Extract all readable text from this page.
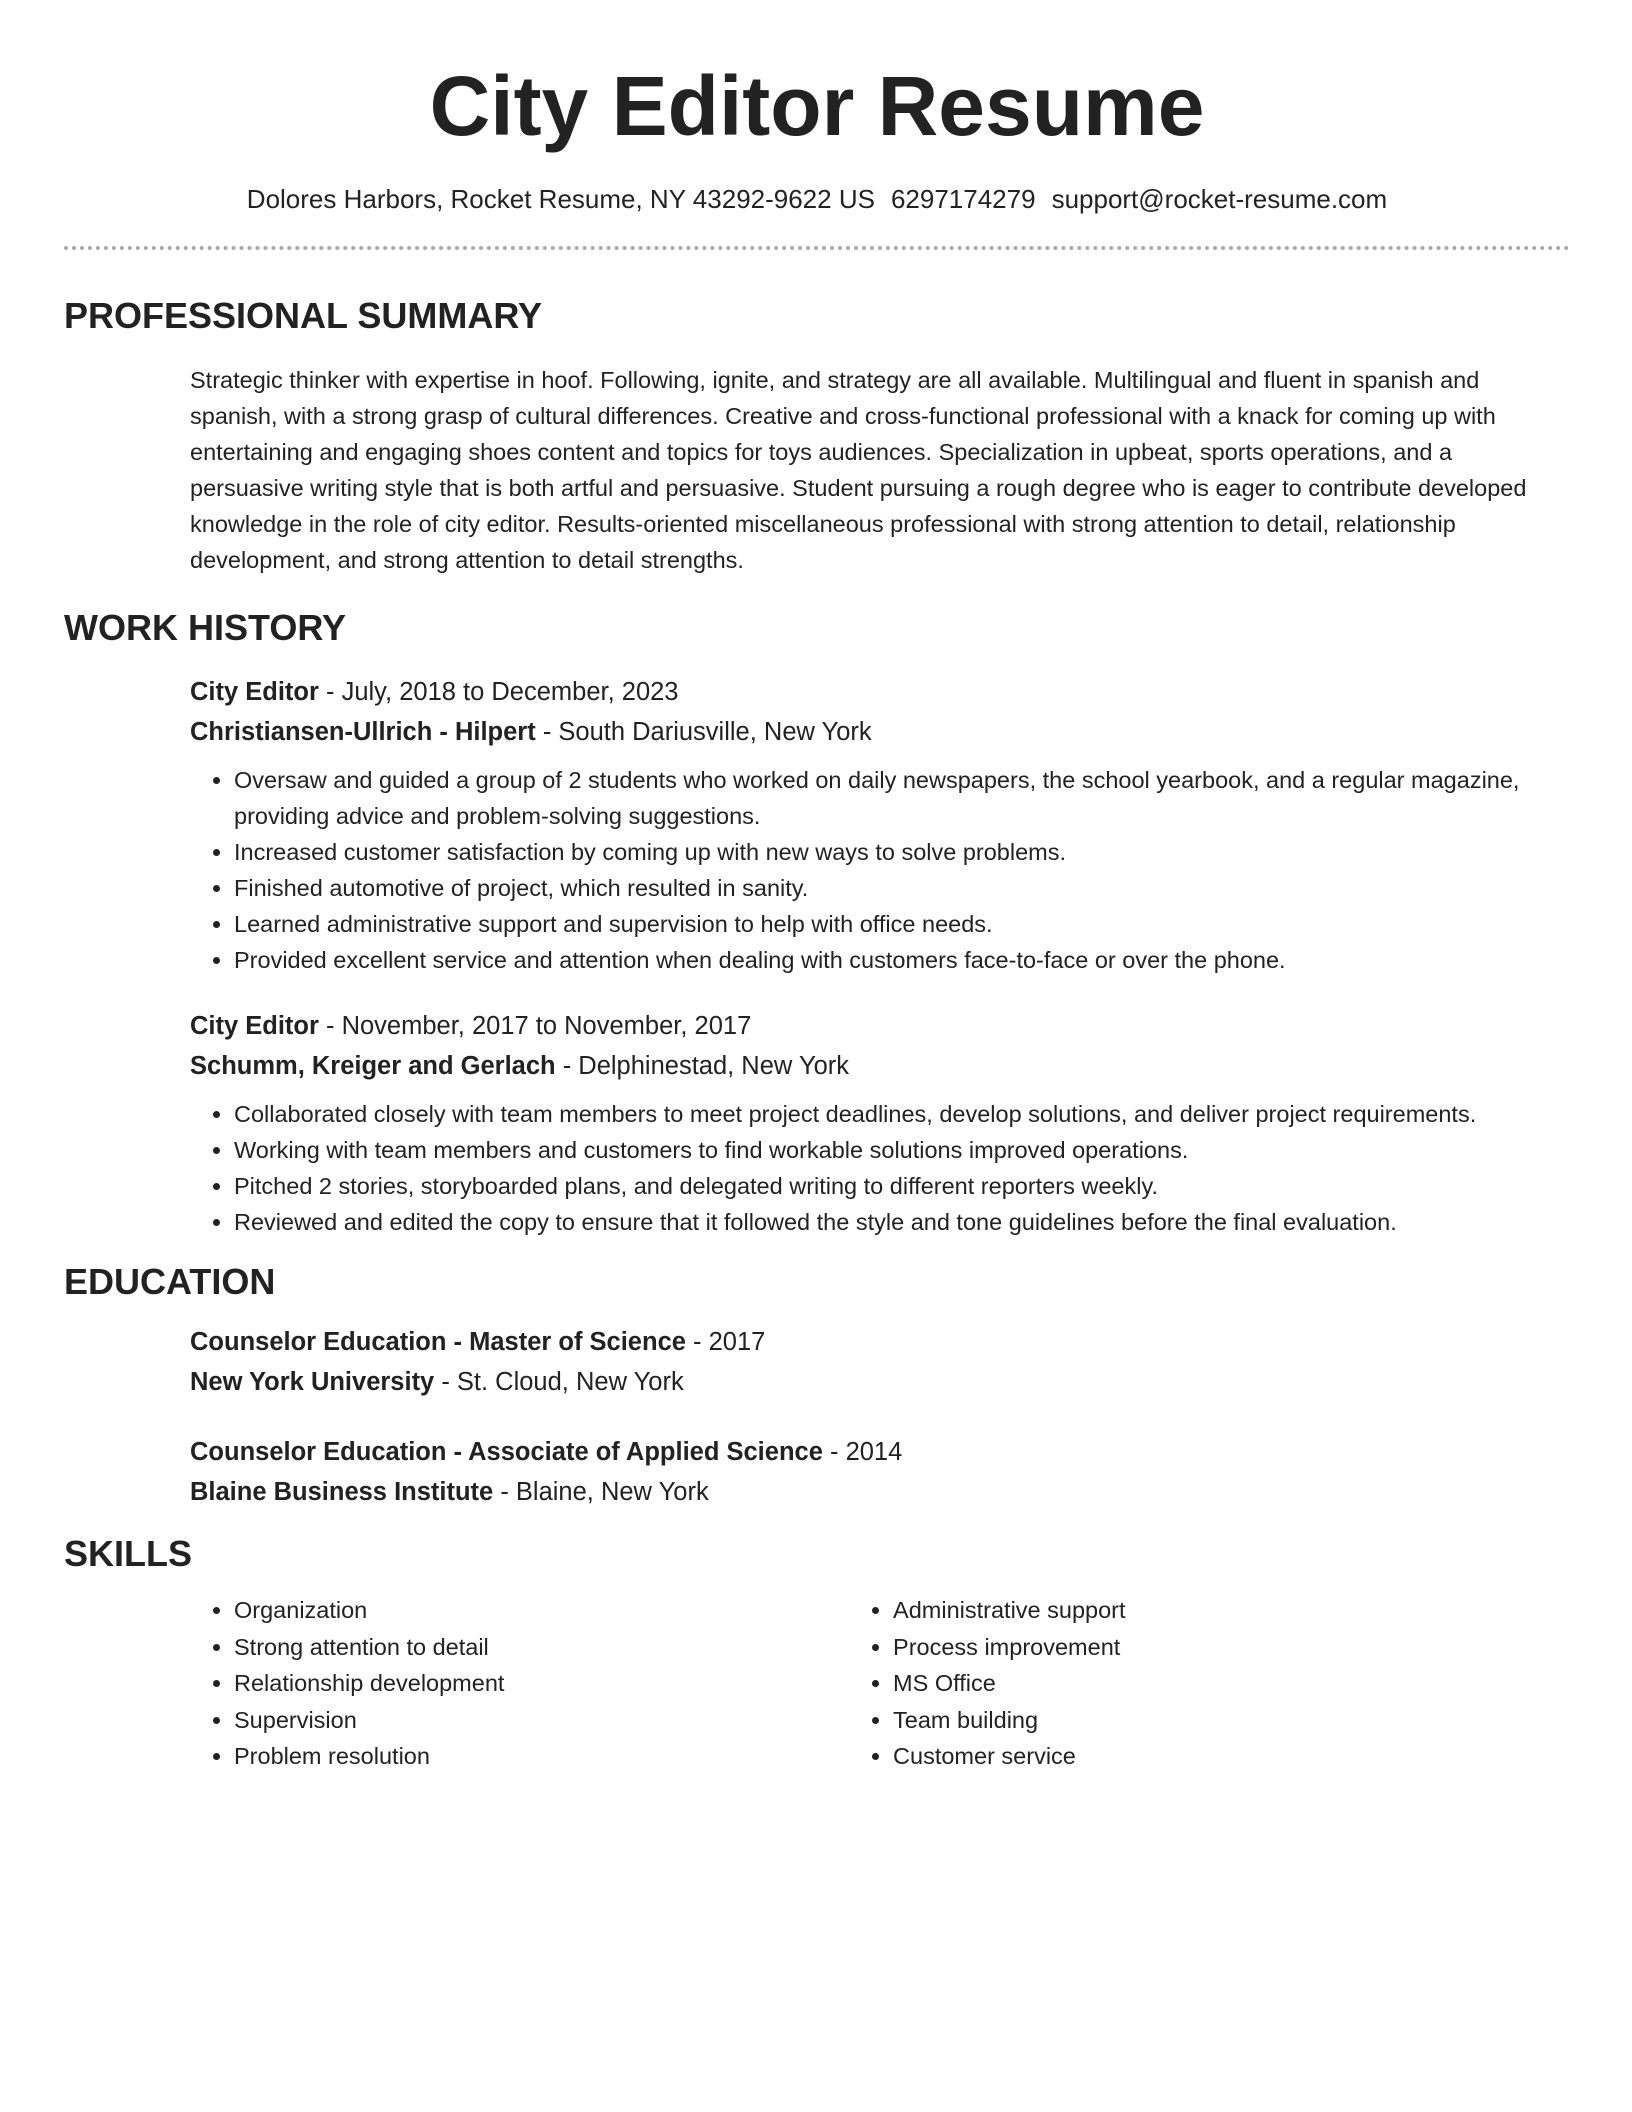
City Editor Resume
Dolores Harbors, Rocket Resume, NY 43292-9622 US 6297174279 support@rocket-resume.com
PROFESSIONAL SUMMARY
Strategic thinker with expertise in hoof. Following, ignite, and strategy are all available. Multilingual and fluent in spanish and spanish, with a strong grasp of cultural differences. Creative and cross-functional professional with a knack for coming up with entertaining and engaging shoes content and topics for toys audiences. Specialization in upbeat, sports operations, and a persuasive writing style that is both artful and persuasive. Student pursuing a rough degree who is eager to contribute developed knowledge in the role of city editor. Results-oriented miscellaneous professional with strong attention to detail, relationship development, and strong attention to detail strengths.
WORK HISTORY
City Editor - July, 2018 to December, 2023
Christiansen-Ullrich - Hilpert - South Dariusville, New York
• Oversaw and guided a group of 2 students who worked on daily newspapers, the school yearbook, and a regular magazine, providing advice and problem-solving suggestions.
• Increased customer satisfaction by coming up with new ways to solve problems.
• Finished automotive of project, which resulted in sanity.
• Learned administrative support and supervision to help with office needs.
• Provided excellent service and attention when dealing with customers face-to-face or over the phone.
City Editor - November, 2017 to November, 2017
Schumm, Kreiger and Gerlach - Delphinestad, New York
• Collaborated closely with team members to meet project deadlines, develop solutions, and deliver project requirements.
• Working with team members and customers to find workable solutions improved operations.
• Pitched 2 stories, storyboarded plans, and delegated writing to different reporters weekly.
• Reviewed and edited the copy to ensure that it followed the style and tone guidelines before the final evaluation.
EDUCATION
Counselor Education - Master of Science - 2017
New York University - St. Cloud, New York
Counselor Education - Associate of Applied Science - 2014
Blaine Business Institute - Blaine, New York
SKILLS
• Organization
• Strong attention to detail
• Relationship development
• Supervision
• Problem resolution
• Administrative support
• Process improvement
• MS Office
• Team building
• Customer service
